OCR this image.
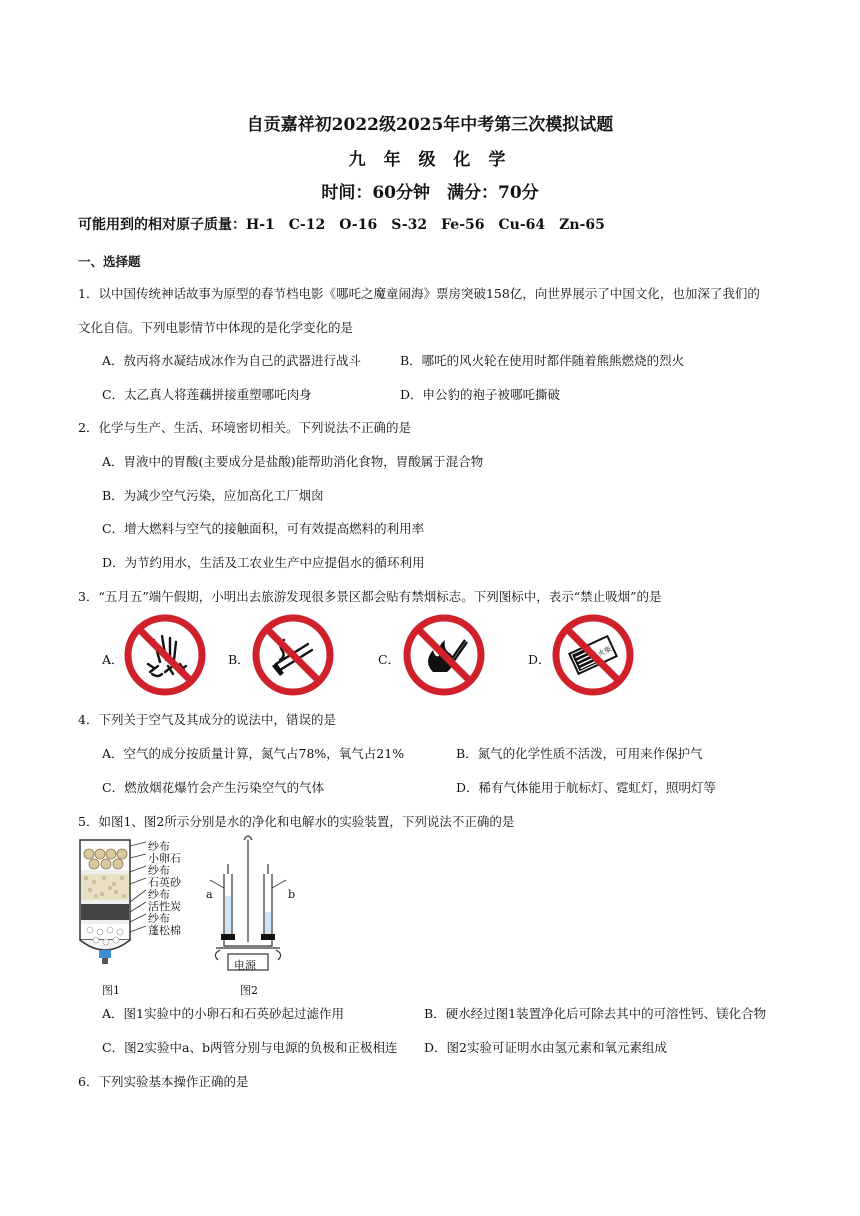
自贡嘉祥初2022级2025年中考第三次模拟试题
九 年 级 化 学
时间：60分钟　满分：70分
可能用到的相对原子质量：H-1　C-12　O-16　S-32　Fe-56　Cu-64　Zn-65
一、选择题
1．以中国传统神话故事为原型的春节档电影《哪吒之魔童闹海》票房突破158亿，向世界展示了中国文化，也加深了我们的
文化自信。下列电影情节中体现的是化学变化的是
A．敖丙将水凝结成冰作为自己的武器进行战斗	B．哪吒的风火轮在使用时都伴随着熊熊燃烧的烈火
C．太乙真人将莲藕拼接重塑哪吒肉身	D．申公豹的袍子被哪吒撕破
2．化学与生产、生活、环境密切相关。下列说法不正确的是
A．胃液中的胃酸(主要成分是盐酸)能帮助消化食物，胃酸属于混合物
B．为减少空气污染，应加高化工厂烟囱
C．增大燃料与空气的接触面积，可有效提高燃料的利用率
D．为节约用水，生活及工农业生产中应提倡水的循环利用
3．“五月五”端午假期，小明出去旅游发现很多景区都会贴有禁烟标志。下列图标中，表示“禁止吸烟”的是
A．	B．	C．	D．
火柴
4．下列关于空气及其成分的说法中，错误的是
A．空气的成分按质量计算，氮气占78%，氧气占21%	B．氮气的化学性质不活泼，可用来作保护气
C．燃放烟花爆竹会产生污染空气的气体	D．稀有气体能用于航标灯、霓虹灯，照明灯等
5．如图1、图2所示分别是水的净化和电解水的实验装置，下列说法不正确的是
纱布
小卵石
纱布
石英砂
纱布
活性炭
纱布
蓬松棉
图1
a	b
电源
图2
A．图1实验中的小卵石和石英砂起过滤作用	B．硬水经过图1装置净化后可除去其中的可溶性钙、镁化合物
C．图2实验中a、b两管分别与电源的负极和正极相连 D．图2实验可证明水由氢元素和氧元素组成
6．下列实验基本操作正确的是
